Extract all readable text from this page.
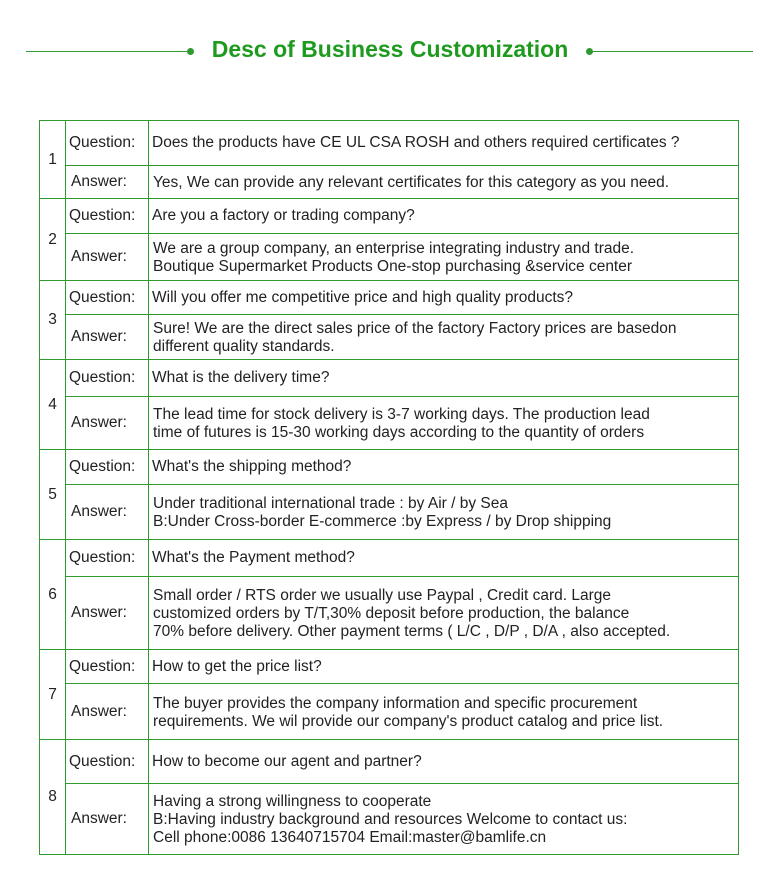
Desc of Business Customization
1	Question:	Does the products have CE UL CSA ROSH and others required certificates ?
	Answer:	Yes, We can provide any relevant certificates for this category as you need.

2	Question:	Are you a factory or trading company?
	Answer:	We are a group company, an enterprise integrating industry and trade.
Boutique Supermarket Products One-stop purchasing &service center

3	Question:	Will you offer me competitive price and high quality products?
	Answer:	Sure! We are the direct sales price of the factory Factory prices are basedon
different quality standards.

4	Question:	What is the delivery time?
	Answer:	The lead time for stock delivery is 3-7 working days. The production lead
time of futures is 15-30 working days according to the quantity of orders

5	Question:	What's the shipping method?
	Answer:	Under traditional international trade : by Air / by Sea
B:Under Cross-border E-commerce :by Express / by Drop shipping

6	Question:	What's the Payment method?
	Answer:	Small order / RTS order we usually use Paypal , Credit card. Large
customized orders by T/T,30% deposit before production, the balance
70% before delivery. Other payment terms ( L/C , D/P , D/A , also accepted.

7	Question:	How to get the price list?
	Answer:	The buyer provides the company information and specific procurement
requirements. We wil provide our company's product catalog and price list.

8	Question:	How to become our agent and partner?
	Answer:	Having a strong willingness to cooperate
B:Having industry background and resources Welcome to contact us:
Cell phone:0086 13640715704 Email:master@bamlife.cn
